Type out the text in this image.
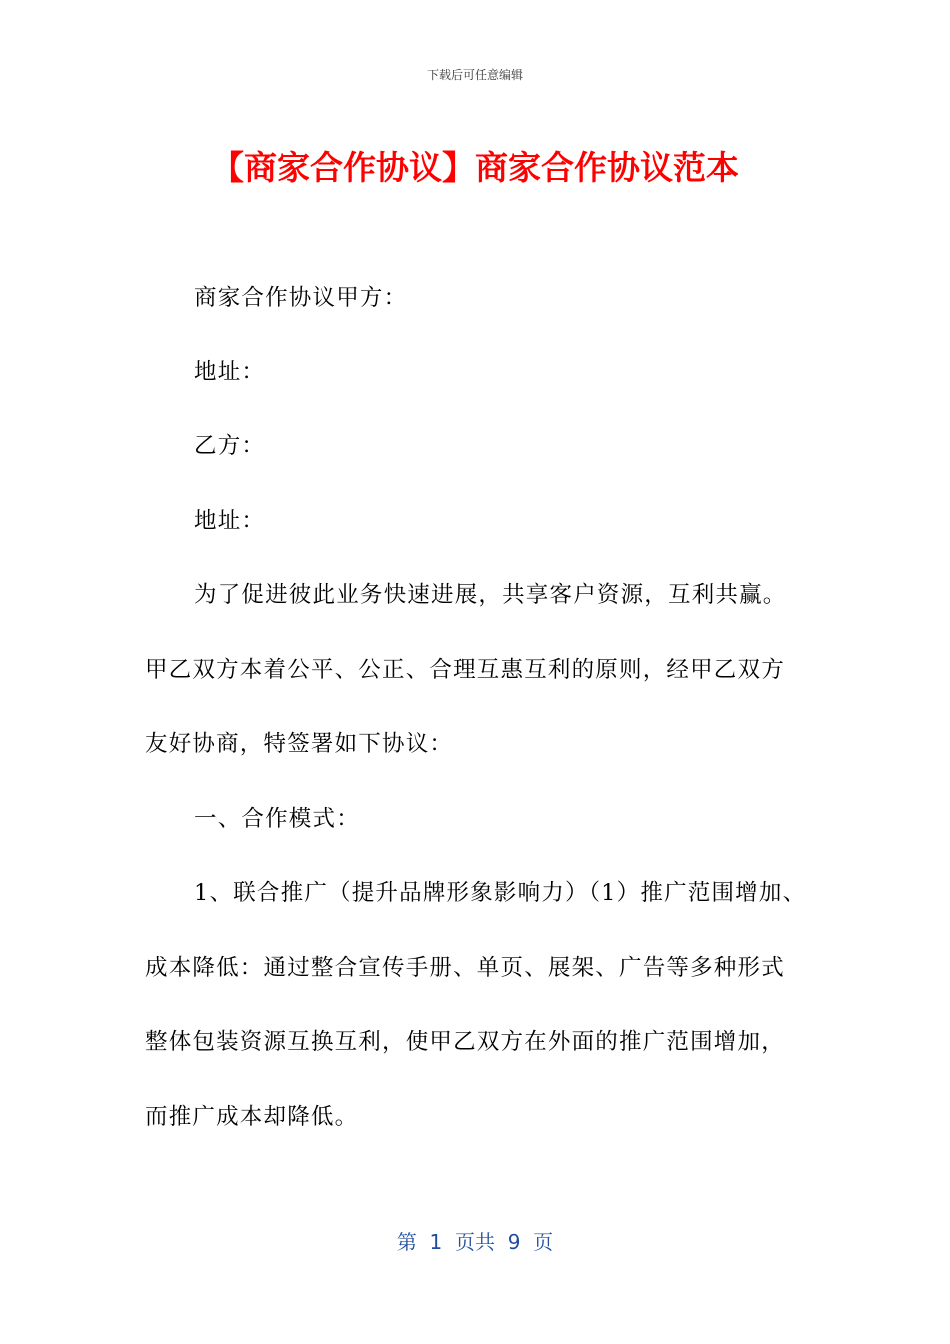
下载后可任意编辑
【商家合作协议】商家合作协议范本
商家合作协议甲方：
地址：
乙方：
地址：
为了促进彼此业务快速进展，共享客户资源，互利共赢。
甲乙双方本着公平、公正、合理互惠互利的原则，经甲乙双方
友好协商，特签署如下协议：
一、合作模式：
1、联合推广（提升品牌形象影响力）（1）推广范围增加、
成本降低：通过整合宣传手册、单页、展架、广告等多种形式
整体包装资源互换互利，使甲乙双方在外面的推广范围增加，
而推广成本却降低。
第  1  页共  9  页
